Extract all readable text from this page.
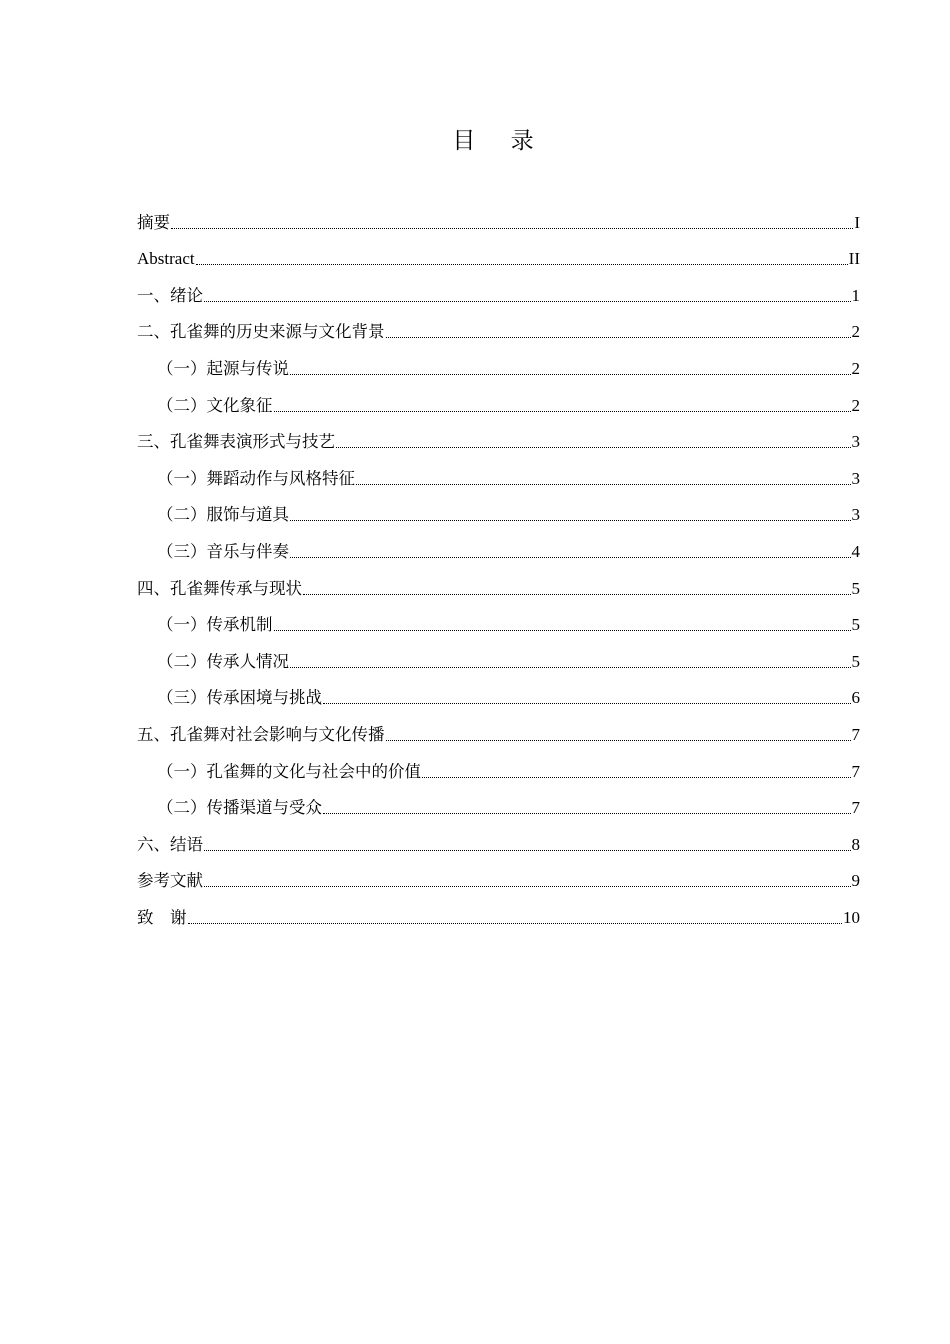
目 录
摘要	I
Abstract	II
一、绪论	1
二、孔雀舞的历史来源与文化背景	2
（一）起源与传说	2
（二）文化象征	2
三、孔雀舞表演形式与技艺	3
（一）舞蹈动作与风格特征	3
（二）服饰与道具	3
（三）音乐与伴奏	4
四、孔雀舞传承与现状	5
（一）传承机制	5
（二）传承人情况	5
（三）传承困境与挑战	6
五、孔雀舞对社会影响与文化传播	7
（一）孔雀舞的文化与社会中的价值	7
（二）传播渠道与受众	7
六、结语	8
参考文献	9
致　谢	10
